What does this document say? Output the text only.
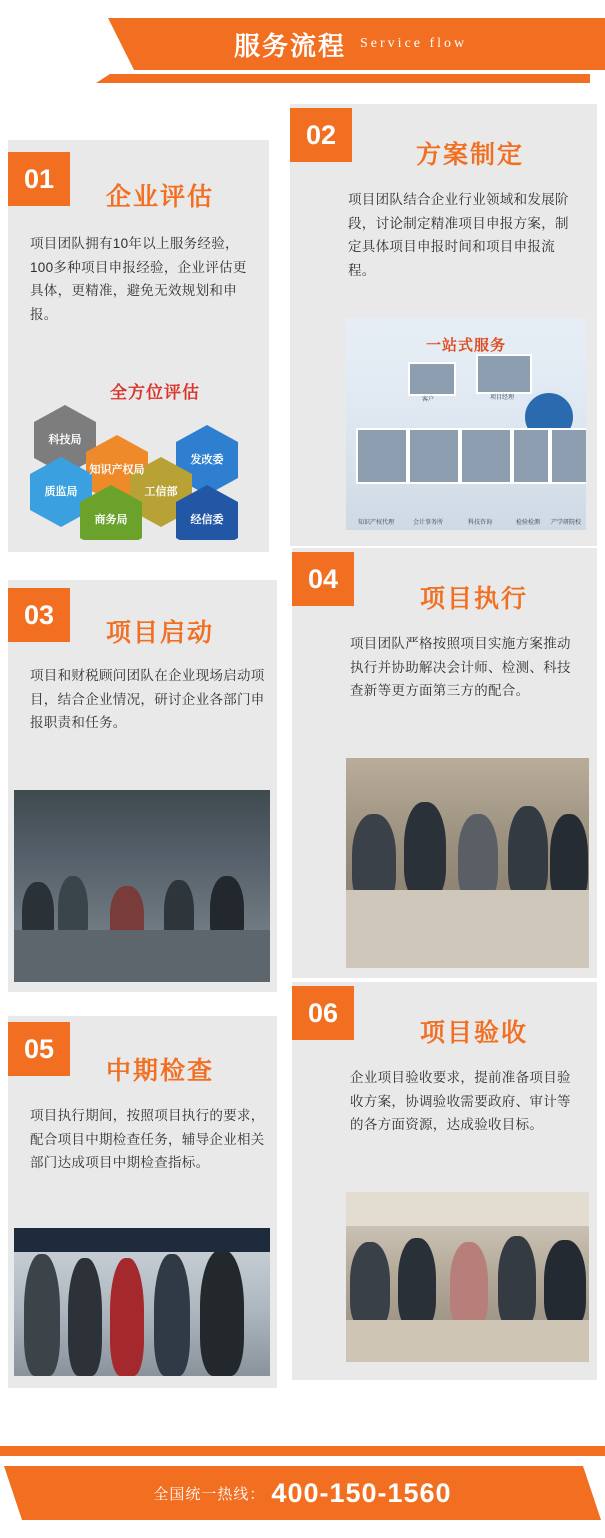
服务流程 Service flow
企业评估
项目团队拥有10年以上服务经验，100多种项目申报经验，企业评估更具体，更精准，避免无效规划和申报。
01
全方位评估
科技局
知识产权局
发改委
质监局	工信部
商务局	经信委
方案制定
项目团队结合企业行业领域和发展阶段，讨论制定精准项目申报方案，制定具体项目申报时间和项目申报流程。
02
一站式服务
客户	项目经理
知识产权代理	会计事务所	科技咨询	检验检测	产学研院校
项目启动
项目和财税顾问团队在企业现场启动项目，结合企业情况，研讨企业各部门申报职责和任务。
03
项目执行
项目团队严格按照项目实施方案推动执行并协助解决会计师、检测、科技查新等更方面第三方的配合。
04
中期检查
项目执行期间，按照项目执行的要求，配合项目中期检查任务，辅导企业相关部门达成项目中期检查指标。
05
项目验收
企业项目验收要求，提前准备项目验收方案，协调验收需要政府、审计等的各方面资源，达成验收目标。
06
全国统一热线： 400-150-1560
